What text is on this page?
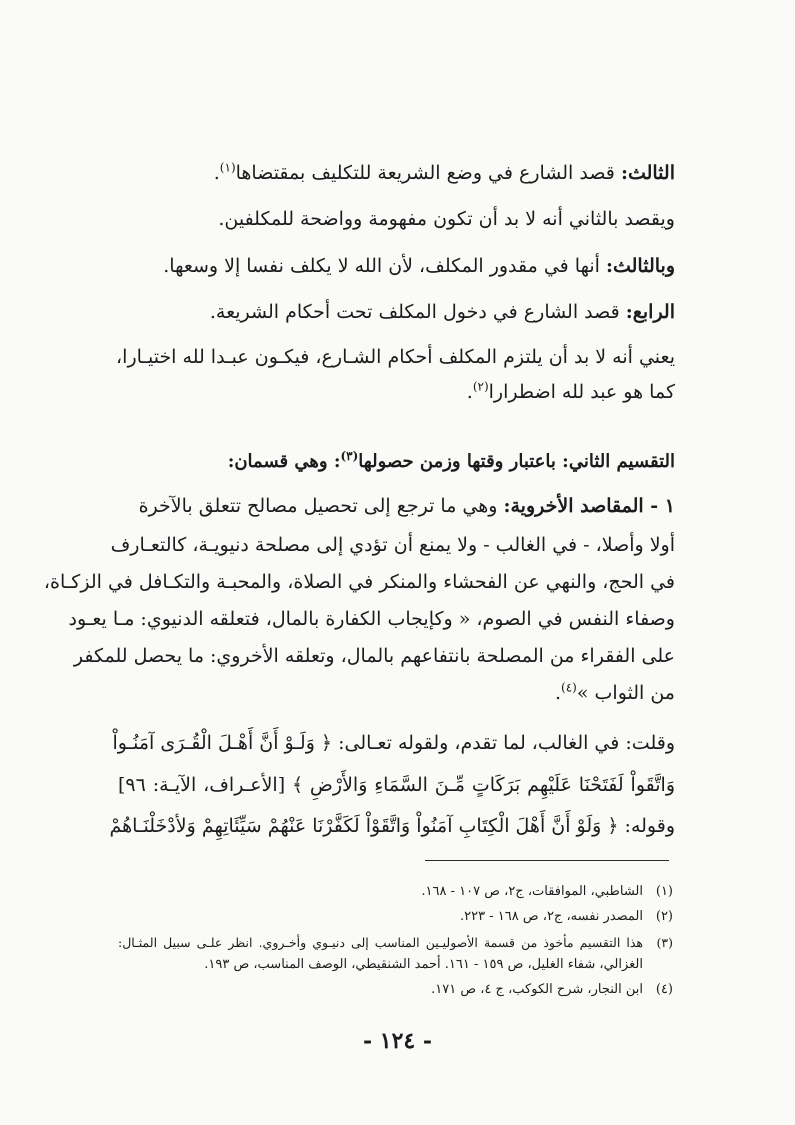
الثالث: قصد الشارع في وضع الشريعة للتكليف بمقتضاها$^{(١)}$.
ويقصد بالثاني أنه لا بد أن تكون مفهومة وواضحة للمكلفين.
وبالثالث: أنها في مقدور المكلف، لأن الله لا يكلف نفسا إلا وسعها.
الرابع: قصد الشارع في دخول المكلف تحت أحكام الشريعة.
يعني أنه لا بد أن يلتزم المكلف أحكام الشـارع، فيكـون عبـدا لله اختيـارا،
كما هو عبد لله اضطرارا$^{(٢)}$.
التقسيم الثاني: باعتبار وقتها وزمن حصولها$^{(٣)}$: وهي قسمان:
١ - المقاصد الأخروية: وهي ما ترجع إلى تحصيل مصالح تتعلق بالآخرة
أولا وأصلا، - في الغالب - ولا يمنع أن تؤدي إلى مصلحة دنيويـة، كالتعـارف
في الحج، والنهي عن الفحشاء والمنكر في الصلاة، والمحبـة والتكـافل في الزكـاة،
وصفاء النفس في الصوم، « وكإيجاب الكفارة بالمال، فتعلقه الدنيوي: مـا يعـود
على الفقراء من المصلحة بانتفاعهم بالمال، وتعلقه الأخروي: ما يحصل للمكفر
من الثواب »$^{(٤)}$.
وقلت: في الغالب، لما تقدم، ولقوله تعـالى: ﴿ وَلَـوْ أَنَّ أَهْـلَ الْقُـرَى آمَنُـواْ
وَاتَّقَواْ لَفَتَحْنَا عَلَيْهِم بَرَكَاتٍ مِّـنَ السَّمَاءِ وَالأَرْضِ ﴾ [الأعـراف، الآيـة: ٩٦]
وقوله: ﴿ وَلَوْ أَنَّ أَهْلَ الْكِتَابِ آمَنُواْ وَاتَّقَوْاْ لَكَفَّرْنَا عَنْهُمْ سَيِّئَاتِهِمْ وَلأدْخَلْنَـاهُمْ
(١)الشاطبي، الموافقات، ج٢، ص ١٠٧ - ١٦٨.
(٢)المصدر نفسه، ج٢، ص ١٦٨ - ٢٢٣.
(٣)هذا التقسيم مأخوذ من قسمة الأصوليـين المناسب إلى دنيـوي وأخـروي. انظر علـى سبيل المثـال:
الغزالي، شفاء الغليل، ص ١٥٩ - ١٦١. أحمد الشنقيطي، الوصف المناسب، ص ١٩٣.
(٤)ابن النجار، شرح الكوكب، ج ٤، ص ١٧١.
- ١٢٤ -
